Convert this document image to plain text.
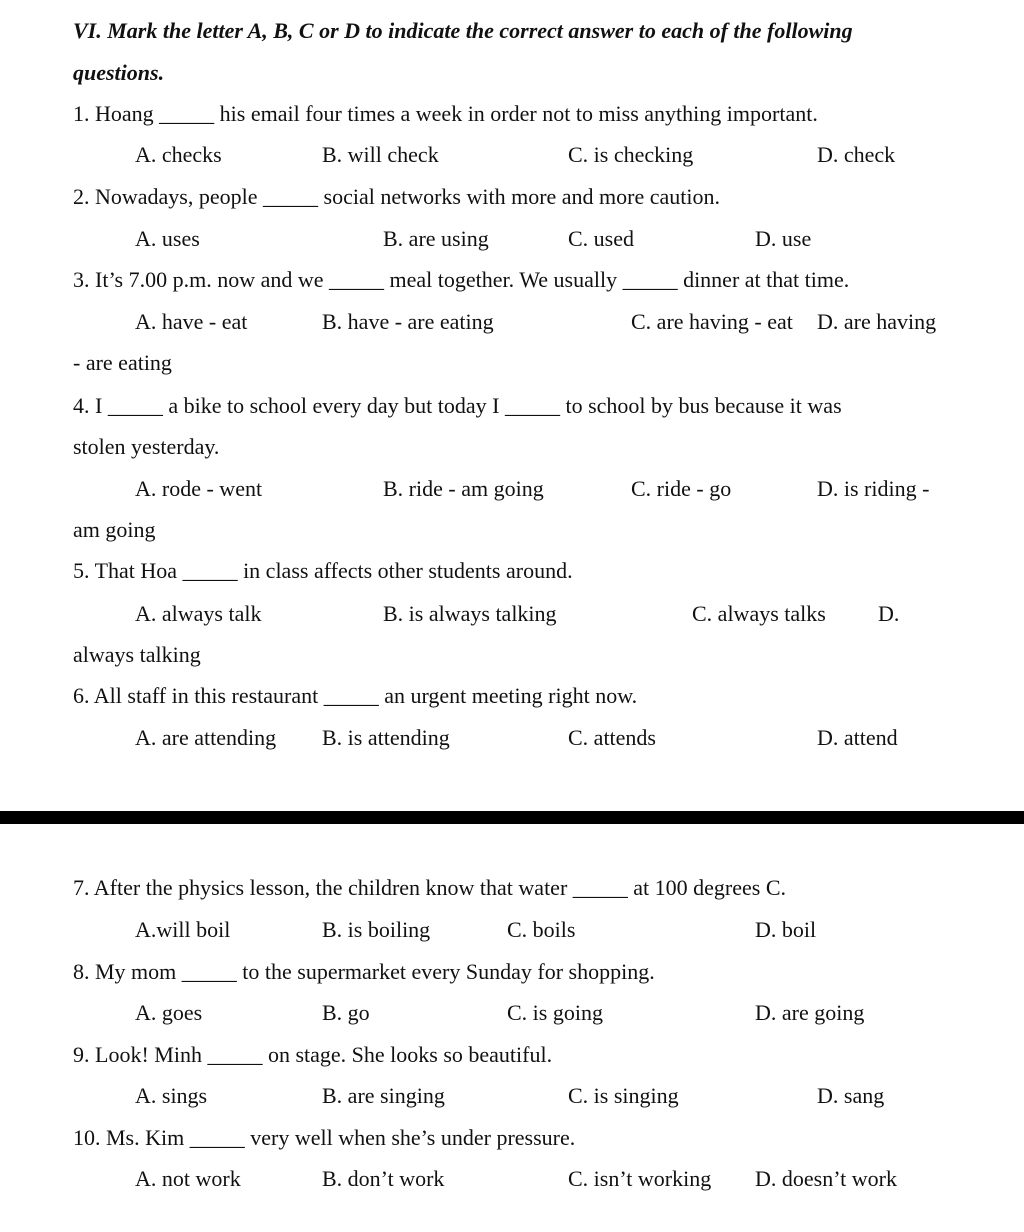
VI. Mark the letter A, B, C or D to indicate the correct answer to each of the following
questions.
1. Hoang _____ his email four times a week in order not to miss anything important.
A. checks	B. will check	C. is checking	D. check
2. Nowadays, people _____ social networks with more and more caution.
A. uses	B. are using	C. used	D. use
3. It’s 7.00 p.m. now and we _____ meal together. We usually _____ dinner at that time.
A. have - eat	B. have - are eating	C. are having - eat D. are having
- are eating
4. I _____ a bike to school every day but today I _____ to school by bus because it was
stolen yesterday.
A. rode - went	B. ride - am going	C. ride - go	D. is riding -
am going
5. That Hoa _____ in class affects other students around.
A. always talk	B. is always talking	C. always talks D.
always talking
6. All staff in this restaurant _____ an urgent meeting right now.
A. are attending B. is attending	C. attends	D. attend
7. After the physics lesson, the children know that water _____ at 100 degrees C.
A.will boil	B. is boiling	C. boils	D. boil
8. My mom _____ to the supermarket every Sunday for shopping.
A. goes	B. go	C. is going	D. are going
9. Look! Minh _____ on stage. She looks so beautiful.
A. sings	B. are singing	C. is singing	D. sang
10. Ms. Kim _____ very well when she’s under pressure.
A. not work	B. don’t work	C. isn’t working D. doesn’t work
